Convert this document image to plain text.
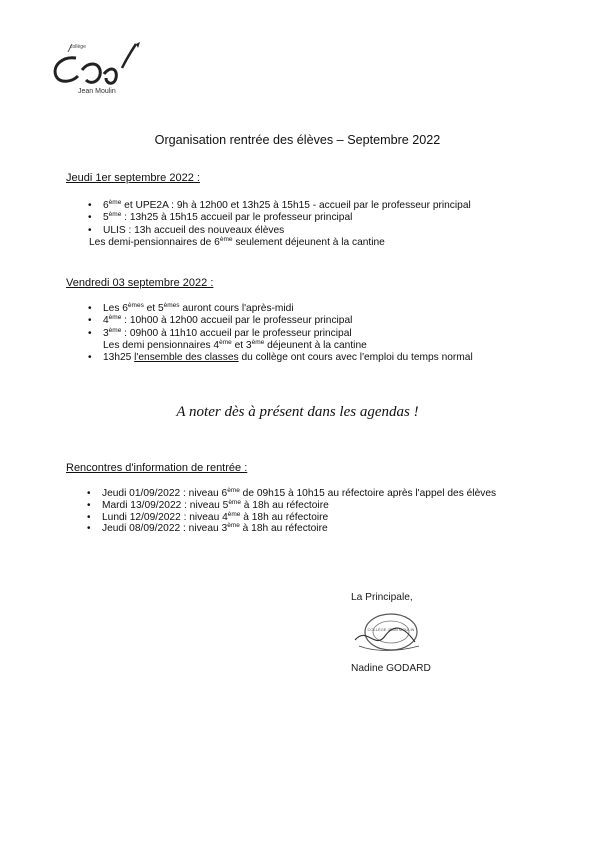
collège
Jean Moulin
Organisation rentrée des élèves – Septembre 2022
Jeudi 1er septembre 2022 :
• 6ème et UPE2A : 9h à 12h00 et 13h25 à 15h15 - accueil par le professeur principal
• 5ème : 13h25 à 15h15 accueil par le professeur principal
• ULIS : 13h accueil des nouveaux élèves
Les demi-pensionnaires de 6ème seulement déjeunent à la cantine
Vendredi 03 septembre 2022 :
• Les 6èmes et 5èmes auront cours l'après-midi
• 4ème : 10h00 à 12h00 accueil par le professeur principal
• 3ème : 09h00 à 11h10 accueil par le professeur principal
Les demi pensionnaires 4ème et 3ème déjeunent à la cantine
• 13h25 l'ensemble des classes du collège ont cours avec l'emploi du temps normal
A noter dès à présent dans les agendas !
Rencontres d'information de rentrée :
• Jeudi 01/09/2022 : niveau 6ème de 09h15 à 10h15 au réfectoire après l'appel des élèves
• Mardi 13/09/2022 : niveau 5ème à 18h au réfectoire
• Lundi 12/09/2022 : niveau 4ème à 18h au réfectoire
• Jeudi 08/09/2022 : niveau 3ème à 18h au réfectoire
La Principale,
COLLÈGE JEAN MOULIN
Nadine GODARD
